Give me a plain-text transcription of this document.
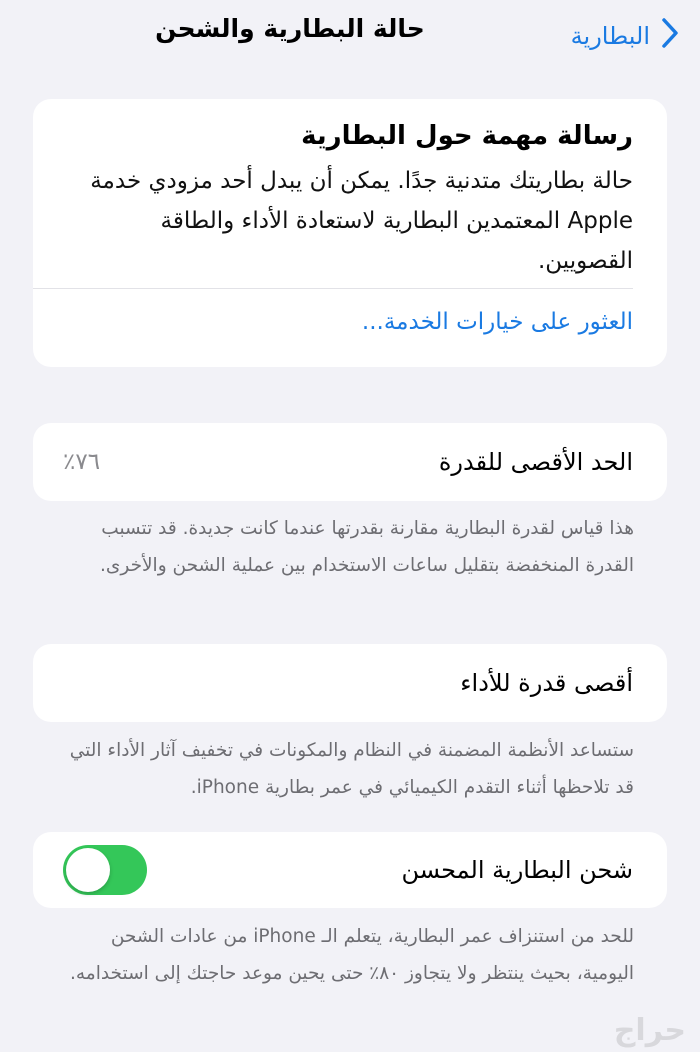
البطارية
حالة البطارية والشحن
رسالة مهمة حول البطارية
حالة بطاريتك متدنية جدًا. يمكن أن يبدل أحد مزودي خدمة Apple المعتمدين البطارية لاستعادة الأداء والطاقة القصويين.
العثور على خيارات الخدمة...
الحد الأقصى للقدرة
٪٧٦
هذا قياس لقدرة البطارية مقارنة بقدرتها عندما كانت جديدة. قد تتسبب القدرة المنخفضة بتقليل ساعات الاستخدام بين عملية الشحن والأخرى.
أقصى قدرة للأداء
ستساعد الأنظمة المضمنة في النظام والمكونات في تخفيف آثار الأداء التي قد تلاحظها أثناء التقدم الكيميائي في عمر بطارية iPhone.
شحن البطارية المحسن
للحد من استنزاف عمر البطارية، يتعلم الـ iPhone من عادات الشحن اليومية، بحيث ينتظر ولا يتجاوز ٨٠٪ حتى يحين موعد حاجتك إلى استخدامه.
حراج
